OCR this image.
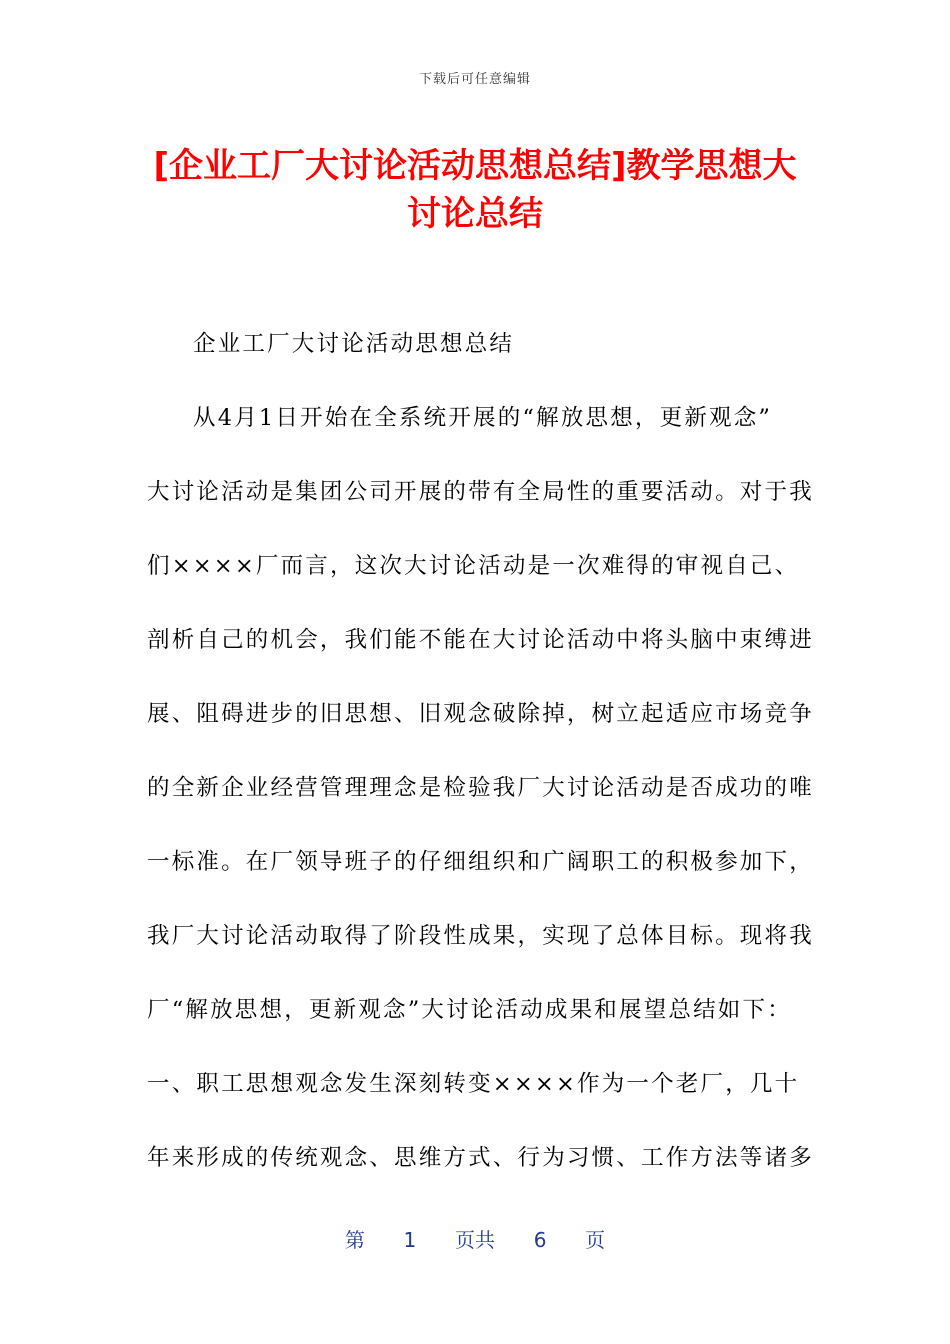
下载后可任意编辑
[企业工厂大讨论活动思想总结]教学思想大
讨论总结
企业工厂大讨论活动思想总结
从4月1日开始在全系统开展的“解放思想，更新观念”
大讨论活动是集团公司开展的带有全局性的重要活动。对于我
们××××厂而言，这次大讨论活动是一次难得的审视自己、
剖析自己的机会，我们能不能在大讨论活动中将头脑中束缚进
展、阻碍进步的旧思想、旧观念破除掉，树立起适应市场竞争
的全新企业经营管理理念是检验我厂大讨论活动是否成功的唯
一标准。在厂领导班子的仔细组织和广阔职工的积极参加下，
我厂大讨论活动取得了阶段性成果，实现了总体目标。现将我
厂“解放思想，更新观念”大讨论活动成果和展望总结如下：
一、职工思想观念发生深刻转变××××作为一个老厂，几十
年来形成的传统观念、思维方式、行为习惯、工作方法等诸多
第 1 页共 6 页
